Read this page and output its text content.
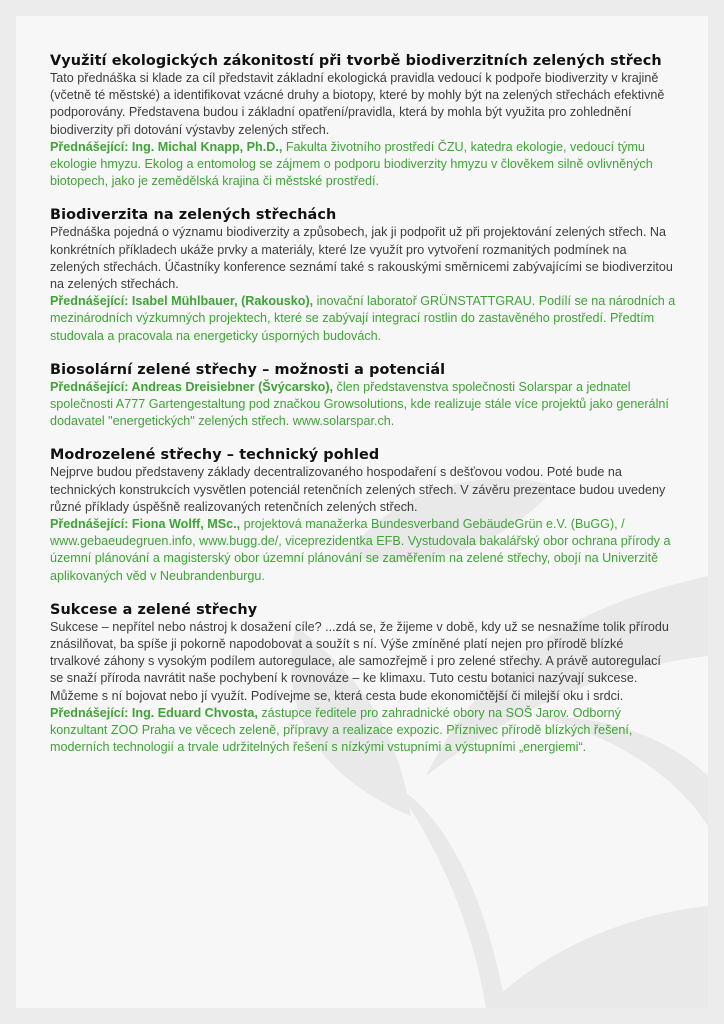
Využití ekologických zákonitostí při tvorbě biodiverzitních zelených střech

Tato přednáška si klade za cíl představit základní ekologická pravidla vedoucí k podpoře biodiverzity v krajině (včetně té městské) a identifikovat vzácné druhy a biotopy, které by mohly být na zelených střechách efektivně podporovány. Představena budou i základní opatření/pravidla, která by mohla být využita pro zohlednění biodiverzity při dotování výstavby zelených střech.

Přednášející: Ing. Michal Knapp, Ph.D., Fakulta životního prostředí ČZU, katedra ekologie, vedoucí týmu ekologie hmyzu. Ekolog a entomolog se zájmem o podporu biodiverzity hmyzu v člověkem silně ovlivněných biotopech, jako je zemědělská krajina či městské prostředí.

Biodiverzita na zelených střechách

Přednáška pojedná o významu biodiverzity a způsobech, jak ji podpořit už při projektování zelených střech. Na konkrétních příkladech ukáže prvky a materiály, které lze využít pro vytvoření rozmanitých podmínek na zelených střechách. Účastníky konference seznámí také s rakouskými směrnicemi zabývajícími se biodiverzitou na zelených střechách.

Přednášející: Isabel Mühlbauer, (Rakousko), inovační laboratoř GRÜNSTATTGRAU. Podílí se na národních a mezinárodních výzkumných projektech, které se zabývají integrací rostlin do zastavěného prostředí. Předtím studovala a pracovala na energeticky úsporných budovách.

Biosolární zelené střechy – možnosti a potenciál

Přednášející: Andreas Dreisiebner (Švýcarsko), člen představenstva společnosti Solarspar a jednatel společnosti A777 Gartengestaltung pod značkou Growsolutions, kde realizuje stále více projektů jako generální dodavatel "energetických" zelených střech. www.solarspar.ch.

Modrozelené střechy – technický pohled

Nejprve budou představeny základy decentralizovaného hospodaření s dešťovou vodou. Poté bude na technických konstrukcích vysvětlen potenciál retenčních zelených střech. V závěru prezentace budou uvedeny různé příklady úspěšně realizovaných retenčních zelených střech.

Přednášející: Fiona Wolff, MSc., projektová manažerka Bundesverband GebäudeGrün e.V. (BuGG), / www.gebaeudegruen.info, www.bugg.de/, viceprezidentka EFB. Vystudovala bakalářský obor ochrana přírody a územní plánování a magisterský obor územní plánování se zaměřením na zelené střechy, obojí na Univerzitě aplikovaných věd v Neubrandenburgu.

Sukcese a zelené střechy

Sukcese – nepřítel nebo nástroj k dosažení cíle? ...zdá se, že žijeme v době, kdy už se nesnažíme tolik přírodu znásilňovat, ba spíše ji pokorně napodobovat a soužít s ní. Výše zmíněné platí nejen pro přírodě blízké trvalkové záhony s vysokým podílem autoregulace, ale samozřejmě i pro zelené střechy. A právě autoregulací se snaží příroda navrátit naše pochybení k rovnováze – ke klimaxu. Tuto cestu botanici nazývají sukcese. Můžeme s ní bojovat nebo jí využít. Podívejme se, která cesta bude ekonomičtější či milejší oku i srdci.

Přednášející: Ing. Eduard Chvosta, zástupce ředitele pro zahradnické obory na SOŠ Jarov. Odborný konzultant ZOO Praha ve věcech zeleně, přípravy a realizace expozic. Příznivec přírodě blízkých řešení, moderních technologií a trvale udržitelných řešení s nízkými vstupními a výstupními „energiemi“.
